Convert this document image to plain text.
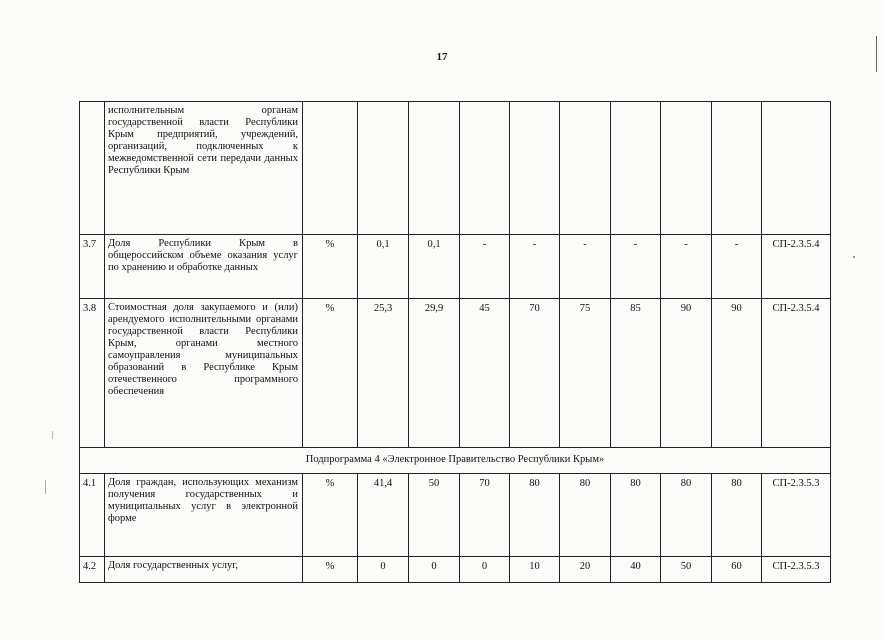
17
	исполнительным органам государственной власти Республики Крым предприятий, учреждений, организаций, подключенных к межведомственной сети передачи данных Республики Крым										
3.7	Доля Республики Крым в общероссийском объеме оказания услуг по хранению и обработке данных	%	0,1	0,1	-	-	-	-	-	-	СП-2.3.5.4
3.8	Стоимостная доля закупаемого и (или) арендуемого исполнительными органами государственной власти Республики Крым, органами местного самоуправления муниципальных образований в Республике Крым отечественного программного обеспечения	%	25,3	29,9	45	70	75	85	90	90	СП-2.3.5.4
Подпрограмма 4 «Электронное Правительство Республики Крым»											
4.1	Доля граждан, использующих механизм получения государственных и муниципальных услуг в электронной форме	%	41,4	50	70	80	80	80	80	80	СП-2.3.5.3
4.2	Доля государственных услуг,	%	0	0	0	10	20	40	50	60	СП-2.3.5.3
